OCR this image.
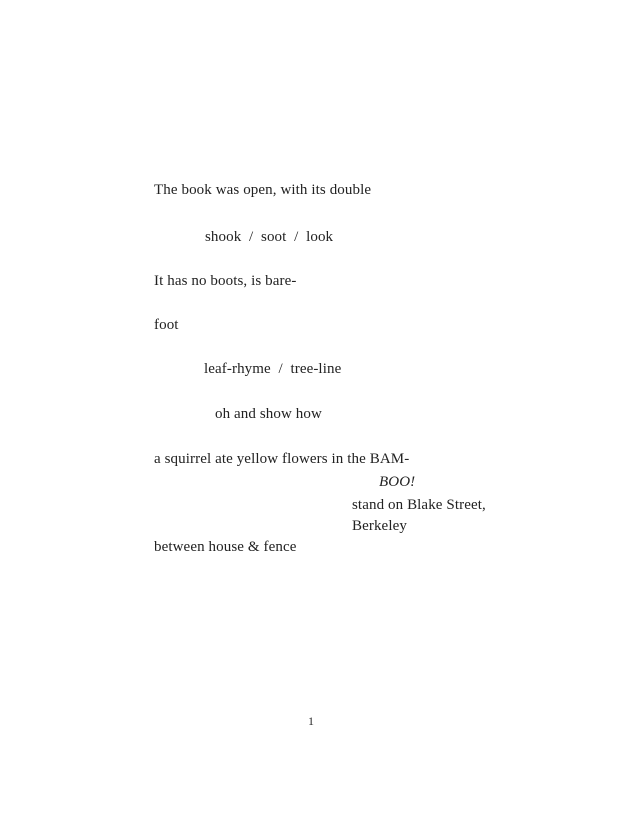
The book was open, with its double

shook  /  soot  /  look

It has no boots, is bare-

foot

leaf-rhyme  /  tree-line

oh and show how

a squirrel ate yellow flowers in the BAM-

BOO!

stand on Blake Street,

Berkeley

between house & fence

1
